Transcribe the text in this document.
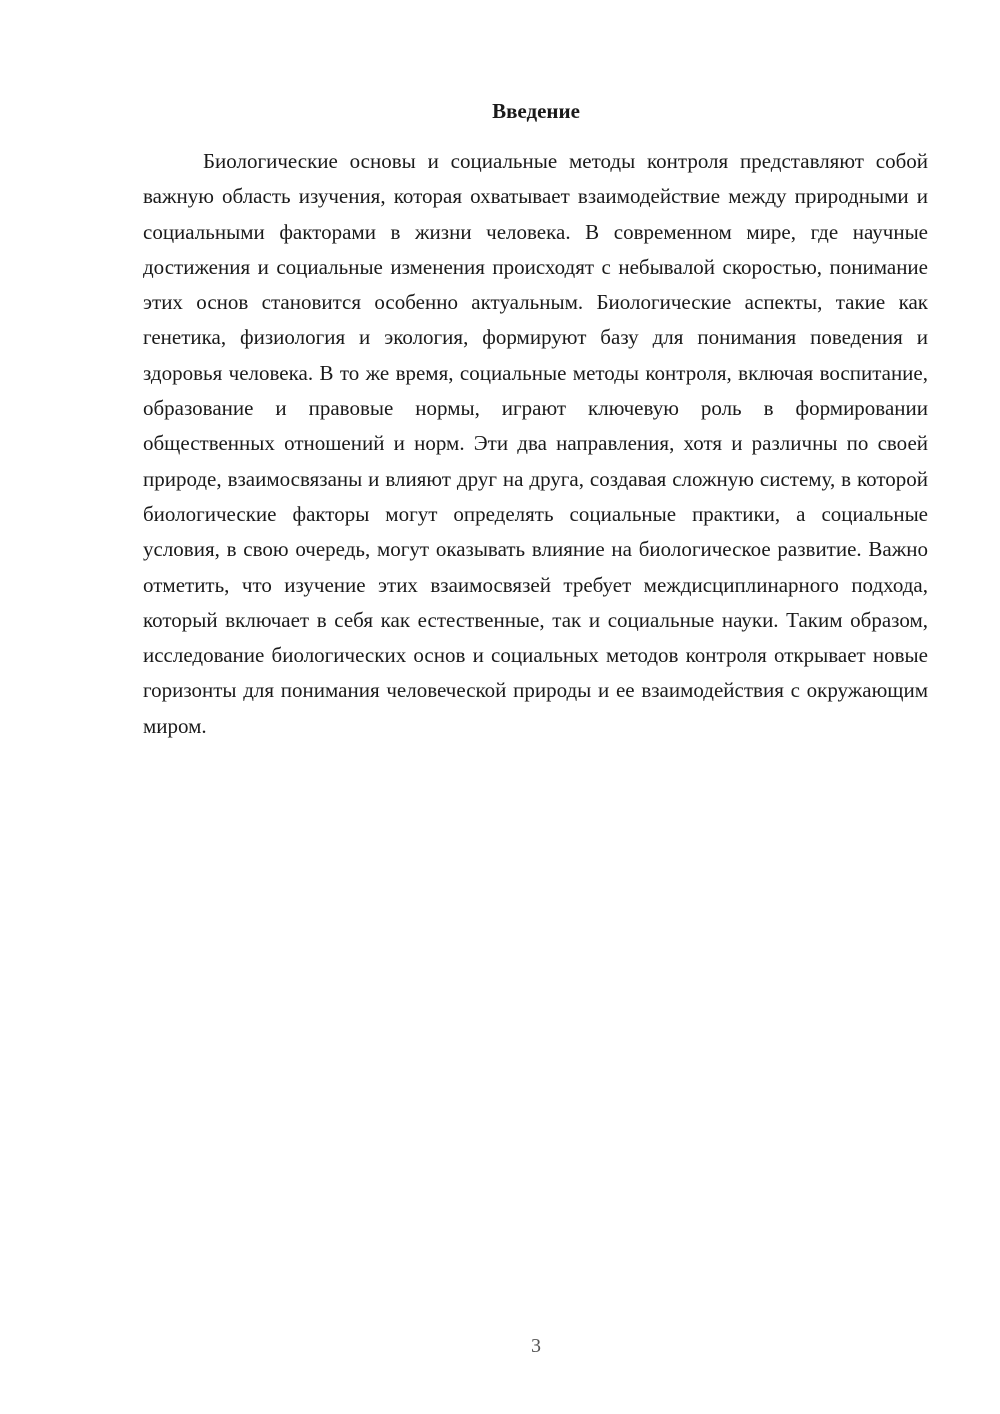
Введение

Биологические основы и социальные методы контроля представляют собой важную область изучения, которая охватывает взаимодействие между природными и социальными факторами в жизни человека. В современном мире, где научные достижения и социальные изменения происходят с небывалой скоростью, понимание этих основ становится особенно актуальным. Биологические аспекты, такие как генетика, физиология и экология, формируют базу для понимания поведения и здоровья человека. В то же время, социальные методы контроля, включая воспитание, образование и правовые нормы, играют ключевую роль в формировании общественных отношений и норм. Эти два направления, хотя и различны по своей природе, взаимосвязаны и влияют друг на друга, создавая сложную систему, в которой биологические факторы могут определять социальные практики, а социальные условия, в свою очередь, могут оказывать влияние на биологическое развитие. Важно отметить, что изучение этих взаимосвязей требует междисциплинарного подхода, который включает в себя как естественные, так и социальные науки. Таким образом, исследование биологических основ и социальных методов контроля открывает новые горизонты для понимания человеческой природы и ее взаимодействия с окружающим миром.

3
